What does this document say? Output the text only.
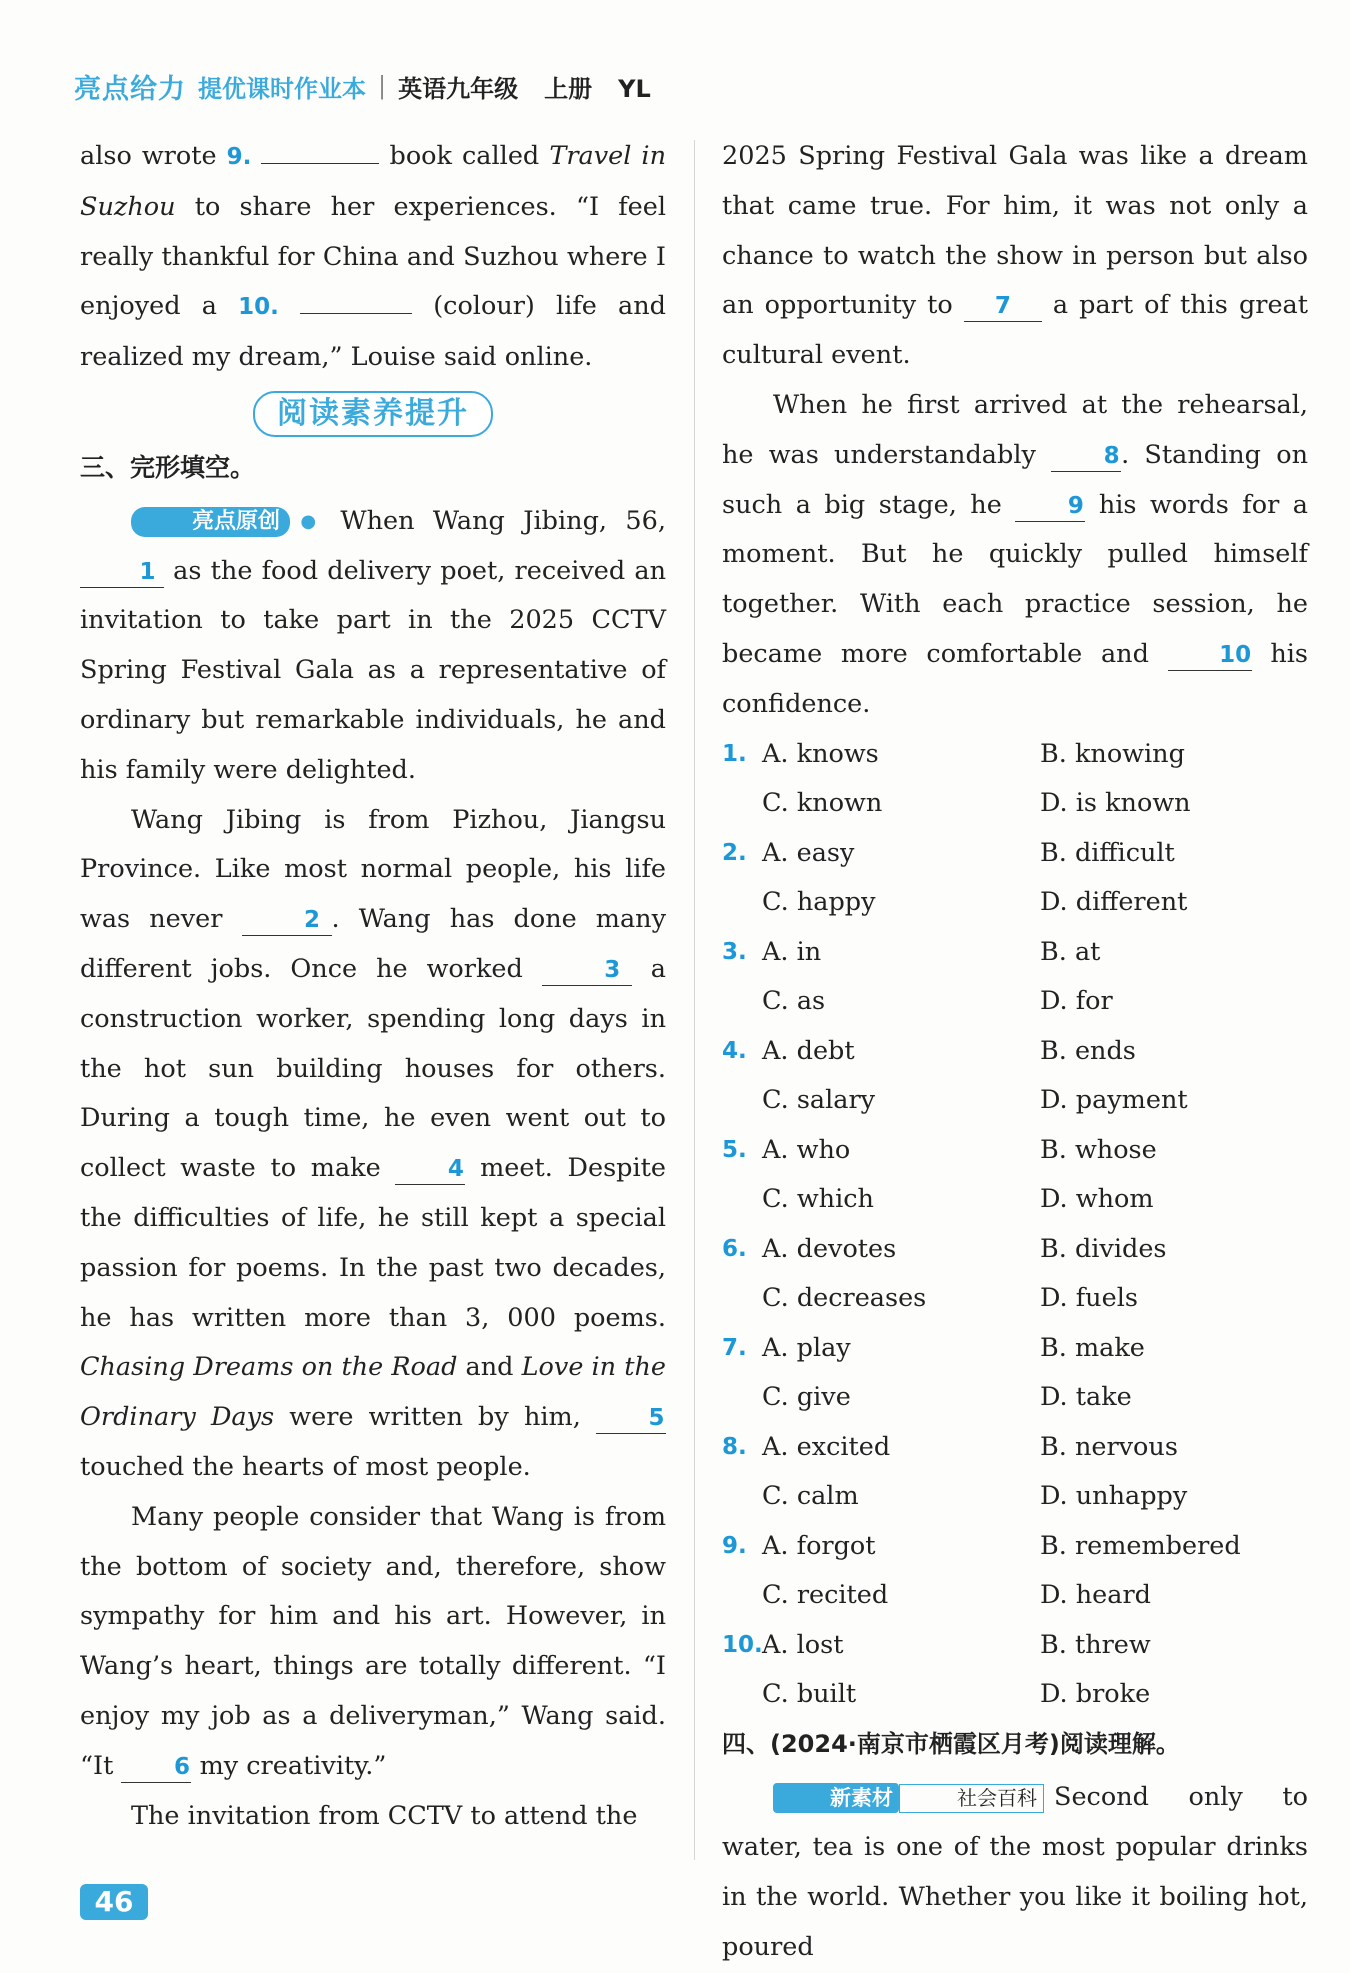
亮点给力 提优课时作业本 | 英语九年级 上册 YL

also wrote 9.	book called Travel in Suzhou to share her experiences. “I feel really thankful for China and Suzhou where I enjoyed a 10.	(colour) life and realized my dream,” Louise said online.

阅读素养提升
三、完形填空。

亮点原创 ● When Wang Jibing, 56, 1 as the food delivery poet, received an invitation to take part in the 2025 CCTV Spring Festival Gala as a representative of ordinary but remarkable individuals, he and his family were delighted.

Wang Jibing is from Pizhou, Jiangsu Province. Like most normal people, his life was never	2 . Wang has done many different jobs. Once he worked	3 a construction worker, spending long days in the hot sun building houses for others. During a tough time, he even went out to collect waste to make 4 meet. Despite the difficulties of life, he still kept a special passion for poems. In the past two decades, he has written more than 3, 000 poems. Chasing Dreams on the Road and Love in the Ordinary Days were written by him, 5 touched the hearts of most people.

Many people consider that Wang is from the bottom of society and, therefore, show sympathy for him and his art. However, in Wang’s heart, things are totally different. “I enjoy my job as a deliveryman,” Wang said. “It 6 my creativity.”

The invitation from CCTV to attend the

2025 Spring Festival Gala was like a dream that came true. For him, it was not only a chance to watch the show in person but also an opportunity to 7 a part of this great cultural event.

When he first arrived at the rehearsal, he was understandably 8. Standing on such a big stage, he 9 his words for a moment. But he quickly pulled himself together. With each practice session, he became more comfortable and 10 his confidence.

1. A. knows	B. knowing
C. known	D. is known
2. A. easy	B. difficult
C. happy	D. different
3. A. in	B. at
C. as	D. for
4. A. debt	B. ends
C. salary	D. payment
5. A. who	B. whose
C. which	D. whom
6. A. devotes	B. divides
C. decreases	D. fuels
7. A. play	B. make
C. give	D. take
8. A. excited	B. nervous
C. calm	D. unhappy
9. A. forgot	B. remembered
C. recited	D. heard
10. A. lost	B. threw
C. built	D. broke
四、(2024·南京市栖霞区月考)阅读理解。

新素材	社会百科 Second only to water, tea is one of the most popular drinks in the world. Whether you like it boiling hot, poured

46
